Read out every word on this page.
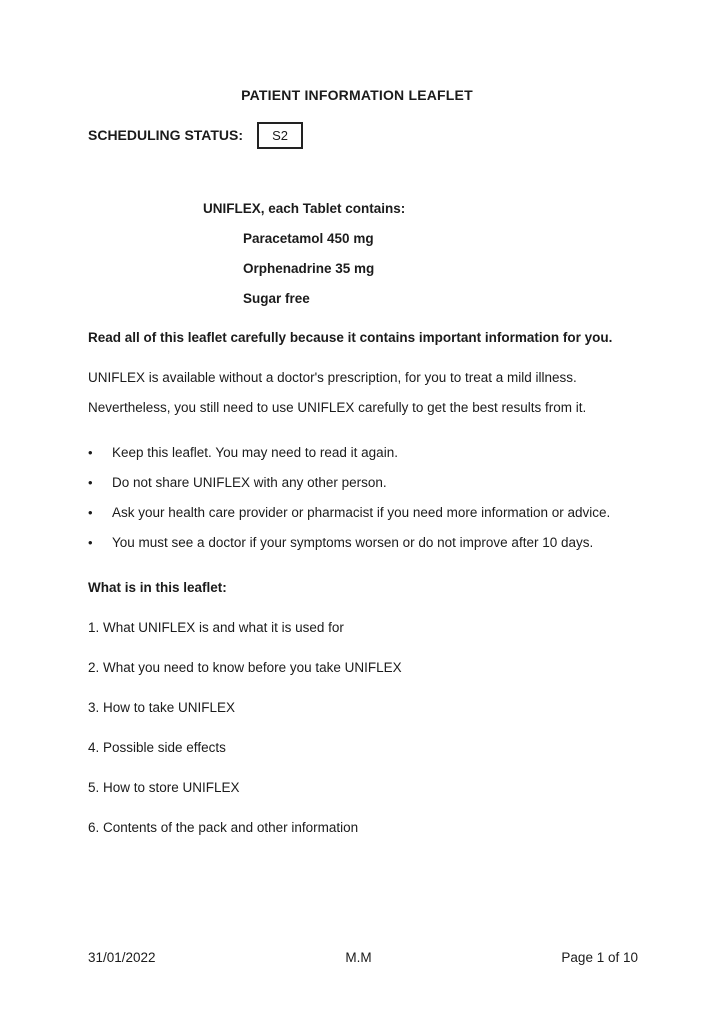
PATIENT INFORMATION LEAFLET
SCHEDULING STATUS: S2
UNIFLEX, each Tablet contains:
Paracetamol 450 mg
Orphenadrine 35 mg
Sugar free
Read all of this leaflet carefully because it contains important information for you.
UNIFLEX is available without a doctor's prescription, for you to treat a mild illness.
Nevertheless, you still need to use UNIFLEX carefully to get the best results from it.
•	Keep this leaflet. You may need to read it again.
•	Do not share UNIFLEX with any other person.
•	Ask your health care provider or pharmacist if you need more information or advice.
•	You must see a doctor if your symptoms worsen or do not improve after 10 days.
What is in this leaflet:
1. What UNIFLEX is and what it is used for
2. What you need to know before you take UNIFLEX
3. How to take UNIFLEX
4. Possible side effects
5. How to store UNIFLEX
6. Contents of the pack and other information
31/01/2022	M.M	Page 1 of 10
